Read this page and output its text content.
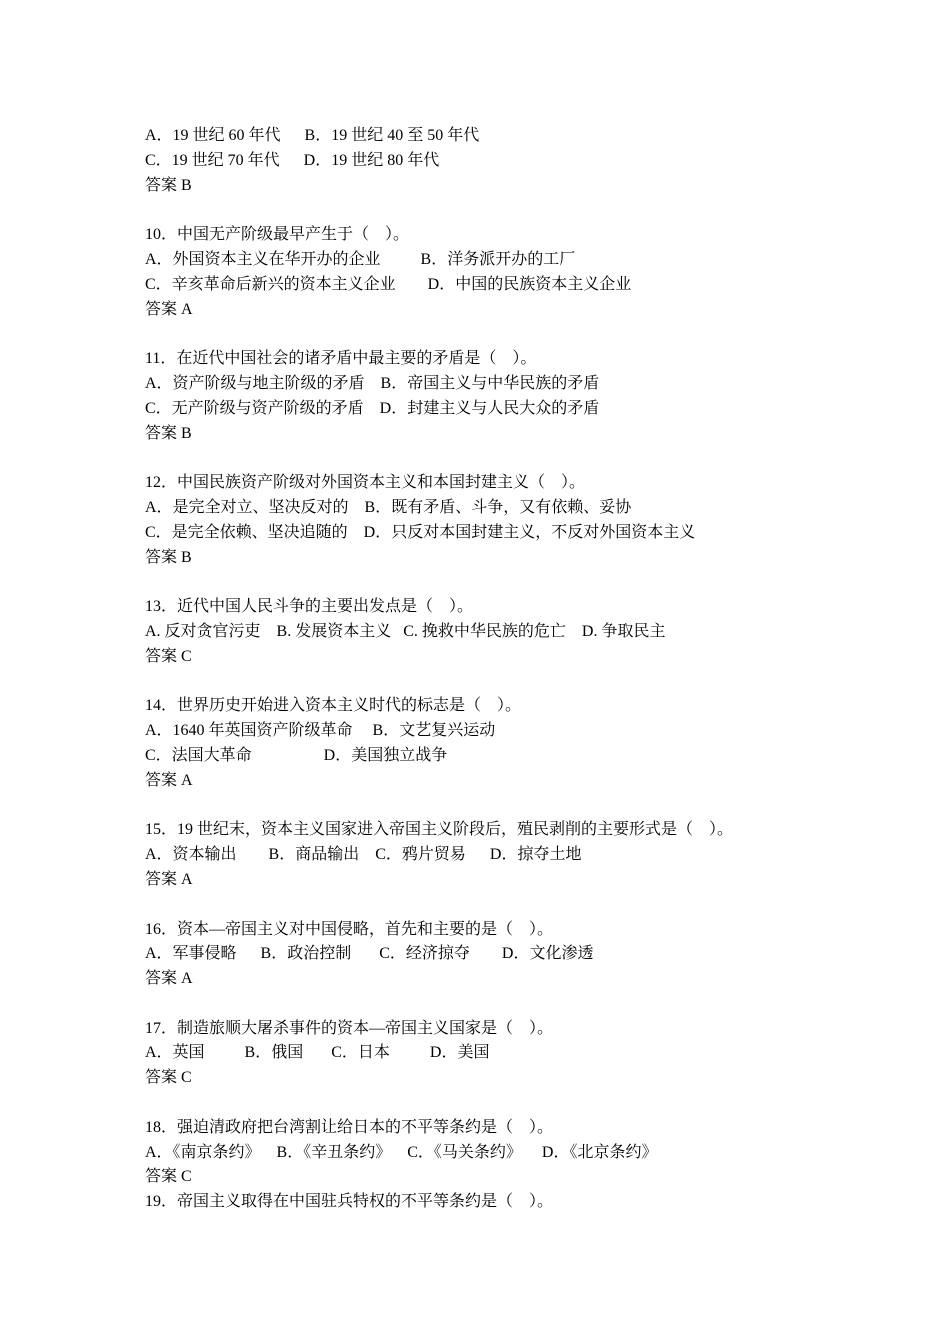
A．19 世纪 60 年代      B．19 世纪 40 至 50 年代
C．19 世纪 70 年代      D．19 世纪 80 年代
答案 B
10．中国无产阶级最早产生于（    ）。
A．外国资本主义在华开办的企业          B．洋务派开办的工厂
C．辛亥革命后新兴的资本主义企业        D．中国的民族资本主义企业
答案 A
11．在近代中国社会的诸矛盾中最主要的矛盾是（    ）。
A．资产阶级与地主阶级的矛盾    B．帝国主义与中华民族的矛盾
C．无产阶级与资产阶级的矛盾    D．封建主义与人民大众的矛盾
答案 B
12．中国民族资产阶级对外国资本主义和本国封建主义（    ）。
A．是完全对立、坚决反对的    B．既有矛盾、斗争，又有依赖、妥协
C．是完全依赖、坚决追随的    D．只反对本国封建主义，不反对外国资本主义
答案 B
13．近代中国人民斗争的主要出发点是（    ）。
A. 反对贪官污吏    B. 发展资本主义   C. 挽救中华民族的危亡    D. 争取民主
答案 C
14．世界历史开始进入资本主义时代的标志是（    ）。
A．1640 年英国资产阶级革命     B．文艺复兴运动
C．法国大革命                  D．美国独立战争
答案 A
15．19 世纪末，资本主义国家进入帝国主义阶段后，殖民剥削的主要形式是（    ）。
A．资本输出        B．商品输出    C．鸦片贸易      D．掠夺土地
答案 A
16．资本—帝国主义对中国侵略，首先和主要的是（    ）。
A．军事侵略      B．政治控制       C．经济掠夺        D．文化渗透
答案 A
17．制造旅顺大屠杀事件的资本—帝国主义国家是（    ）。
A．英国          B．俄国       C．日本          D．美国
答案 C
18．强迫清政府把台湾割让给日本的不平等条约是（    ）。
A．《南京条约》    B．《辛丑条约》    C．《马关条约》     D．《北京条约》
答案 C
19．帝国主义取得在中国驻兵特权的不平等条约是（    ）。
